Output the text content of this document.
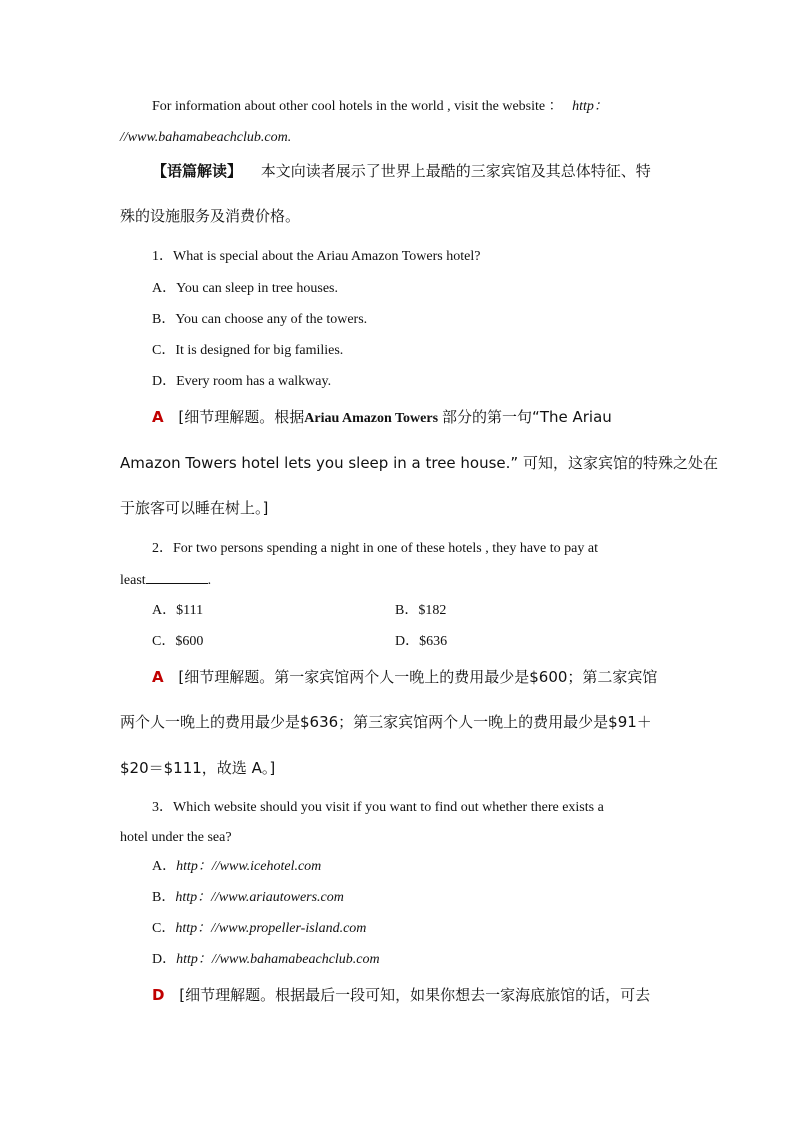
For information about other cool hotels in the world , visit the website ： http：
//www.bahamabeachclub.com.
【语篇解读】 本文向读者展示了世界上最酷的三家宾馆及其总体特征、特
殊的设施服务及消费价格。
1．What is special about the Ariau Amazon Towers hotel?
A．You can sleep in tree houses.
B．You can choose any of the towers.
C．It is designed for big families.
D．Every room has a walkway.
A [细节理解题。根据Ariau Amazon Towers 部分的第一句“The Ariau
Amazon Towers hotel lets you sleep in a tree house.” 可知，这家宾馆的特殊之处在
于旅客可以睡在树上。]
2．For two persons spending a night in one of these hotels , they have to pay at
least	.
A．$111	B．$182
C．$600	D．$636
A [细节理解题。第一家宾馆两个人一晚上的费用最少是$600；第二家宾馆
两个人一晚上的费用最少是$636；第三家宾馆两个人一晚上的费用最少是$91＋
$20＝$111，故选 A。]
3．Which website should you visit if you want to find out whether there exists a
hotel under the sea?
A．http：//www.icehotel.com
B．http：//www.ariautowers.com
C．http：//www.propeller-island.com
D．http：//www.bahamabeachclub.com
D [细节理解题。根据最后一段可知，如果你想去一家海底旅馆的话，可去
